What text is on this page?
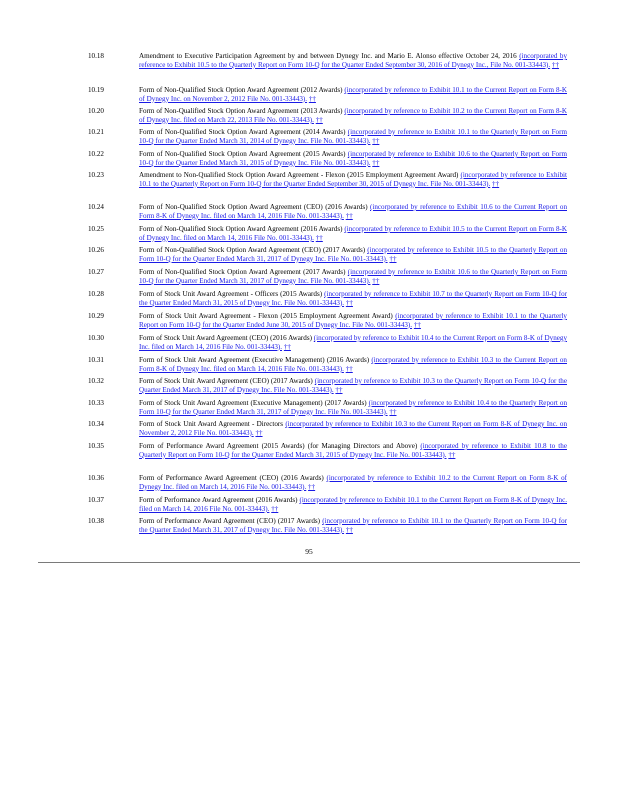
10.18	Amendment to Executive Participation Agreement by and between Dynegy Inc. and Mario E. Alonso effective October 24, 2016 (incorporated by reference to Exhibit 10.5 to the Quarterly Report on Form 10-Q for the Quarter Ended September 30, 2016 of Dynegy Inc., File No. 001-33443). ††
10.19	Form of Non-Qualified Stock Option Award Agreement (2012 Awards) (incorporated by reference to Exhibit 10.1 to the Current Report on Form 8-K of Dynegy Inc. on November 2, 2012 File No. 001-33443). ††
10.20	Form of Non-Qualified Stock Option Award Agreement (2013 Awards) (incorporated by reference to Exhibit 10.2 to the Current Report on Form 8-K of Dynegy Inc. filed on March 22, 2013 File No. 001-33443). ††
10.21	Form of Non-Qualified Stock Option Award Agreement (2014 Awards) (incorporated by reference to Exhibit 10.1 to the Quarterly Report on Form 10-Q for the Quarter Ended March 31, 2014 of Dynegy Inc. File No. 001-33443). ††
10.22	Form of Non-Qualified Stock Option Award Agreement (2015 Awards) (incorporated by reference to Exhibit 10.6 to the Quarterly Report on Form 10-Q for the Quarter Ended March 31, 2015 of Dynegy Inc. File No. 001-33443). ††
10.23	Amendment to Non-Qualified Stock Option Award Agreement - Flexon (2015 Employment Agreement Award) (incorporated by reference to Exhibit 10.1 to the Quarterly Report on Form 10-Q for the Quarter Ended September 30, 2015 of Dynegy Inc. File No. 001-33443). ††
10.24	Form of Non-Qualified Stock Option Award Agreement (CEO) (2016 Awards) (incorporated by reference to Exhibit 10.6 to the Current Report on Form 8-K of Dynegy Inc. filed on March 14, 2016 File No. 001-33443). ††
10.25	Form of Non-Qualified Stock Option Award Agreement (2016 Awards) (incorporated by reference to Exhibit 10.5 to the Current Report on Form 8-K of Dynegy Inc. filed on March 14, 2016 File No. 001-33443). ††
10.26	Form of Non-Qualified Stock Option Award Agreement (CEO) (2017 Awards) (incorporated by reference to Exhibit 10.5 to the Quarterly Report on Form 10-Q for the Quarter Ended March 31, 2017 of Dynegy Inc. File No. 001-33443). ††
10.27	Form of Non-Qualified Stock Option Award Agreement (2017 Awards) (incorporated by reference to Exhibit 10.6 to the Quarterly Report on Form 10-Q for the Quarter Ended March 31, 2017 of Dynegy Inc. File No. 001-33443). ††
10.28	Form of Stock Unit Award Agreement - Officers (2015 Awards) (incorporated by reference to Exhibit 10.7 to the Quarterly Report on Form 10-Q for the Quarter Ended March 31, 2015 of Dynegy Inc. File No. 001-33443). ††
10.29	Form of Stock Unit Award Agreement - Flexon (2015 Employment Agreement Award) (incorporated by reference to Exhibit 10.1 to the Quarterly Report on Form 10-Q for the Quarter Ended June 30, 2015 of Dynegy Inc. File No. 001-33443). ††
10.30	Form of Stock Unit Award Agreement (CEO) (2016 Awards) (incorporated by reference to Exhibit 10.4 to the Current Report on Form 8-K of Dynegy Inc. filed on March 14, 2016 File No. 001-33443). ††
10.31	Form of Stock Unit Award Agreement (Executive Management) (2016 Awards) (incorporated by reference to Exhibit 10.3 to the Current Report on Form 8-K of Dynegy Inc. filed on March 14, 2016 File No. 001-33443). ††
10.32	Form of Stock Unit Award Agreement (CEO) (2017 Awards) (incorporated by reference to Exhibit 10.3 to the Quarterly Report on Form 10-Q for the Quarter Ended March 31, 2017 of Dynegy Inc. File No. 001-33443). ††
10.33	Form of Stock Unit Award Agreement (Executive Management) (2017 Awards) (incorporated by reference to Exhibit 10.4 to the Quarterly Report on Form 10-Q for the Quarter Ended March 31, 2017 of Dynegy Inc. File No. 001-33443). ††
10.34	Form of Stock Unit Award Agreement - Directors (incorporated by reference to Exhibit 10.3 to the Current Report on Form 8-K of Dynegy Inc. on November 2, 2012 File No. 001-33443). ††
10.35	Form of Performance Award Agreement (2015 Awards) (for Managing Directors and Above) (incorporated by reference to Exhibit 10.8 to the Quarterly Report on Form 10-Q for the Quarter Ended March 31, 2015 of Dynegy Inc. File No. 001-33443). ††
10.36	Form of Performance Award Agreement (CEO) (2016 Awards) (incorporated by reference to Exhibit 10.2 to the Current Report on Form 8-K of Dynegy Inc. filed on March 14, 2016 File No. 001-33443). ††
10.37	Form of Performance Award Agreement (2016 Awards) (incorporated by reference to Exhibit 10.1 to the Current Report on Form 8-K of Dynegy Inc. filed on March 14, 2016 File No. 001-33443). ††
10.38	Form of Performance Award Agreement (CEO) (2017 Awards) (incorporated by reference to Exhibit 10.1 to the Quarterly Report on Form 10-Q for the Quarter Ended March 31, 2017 of Dynegy Inc. File No. 001-33443). ††
95
